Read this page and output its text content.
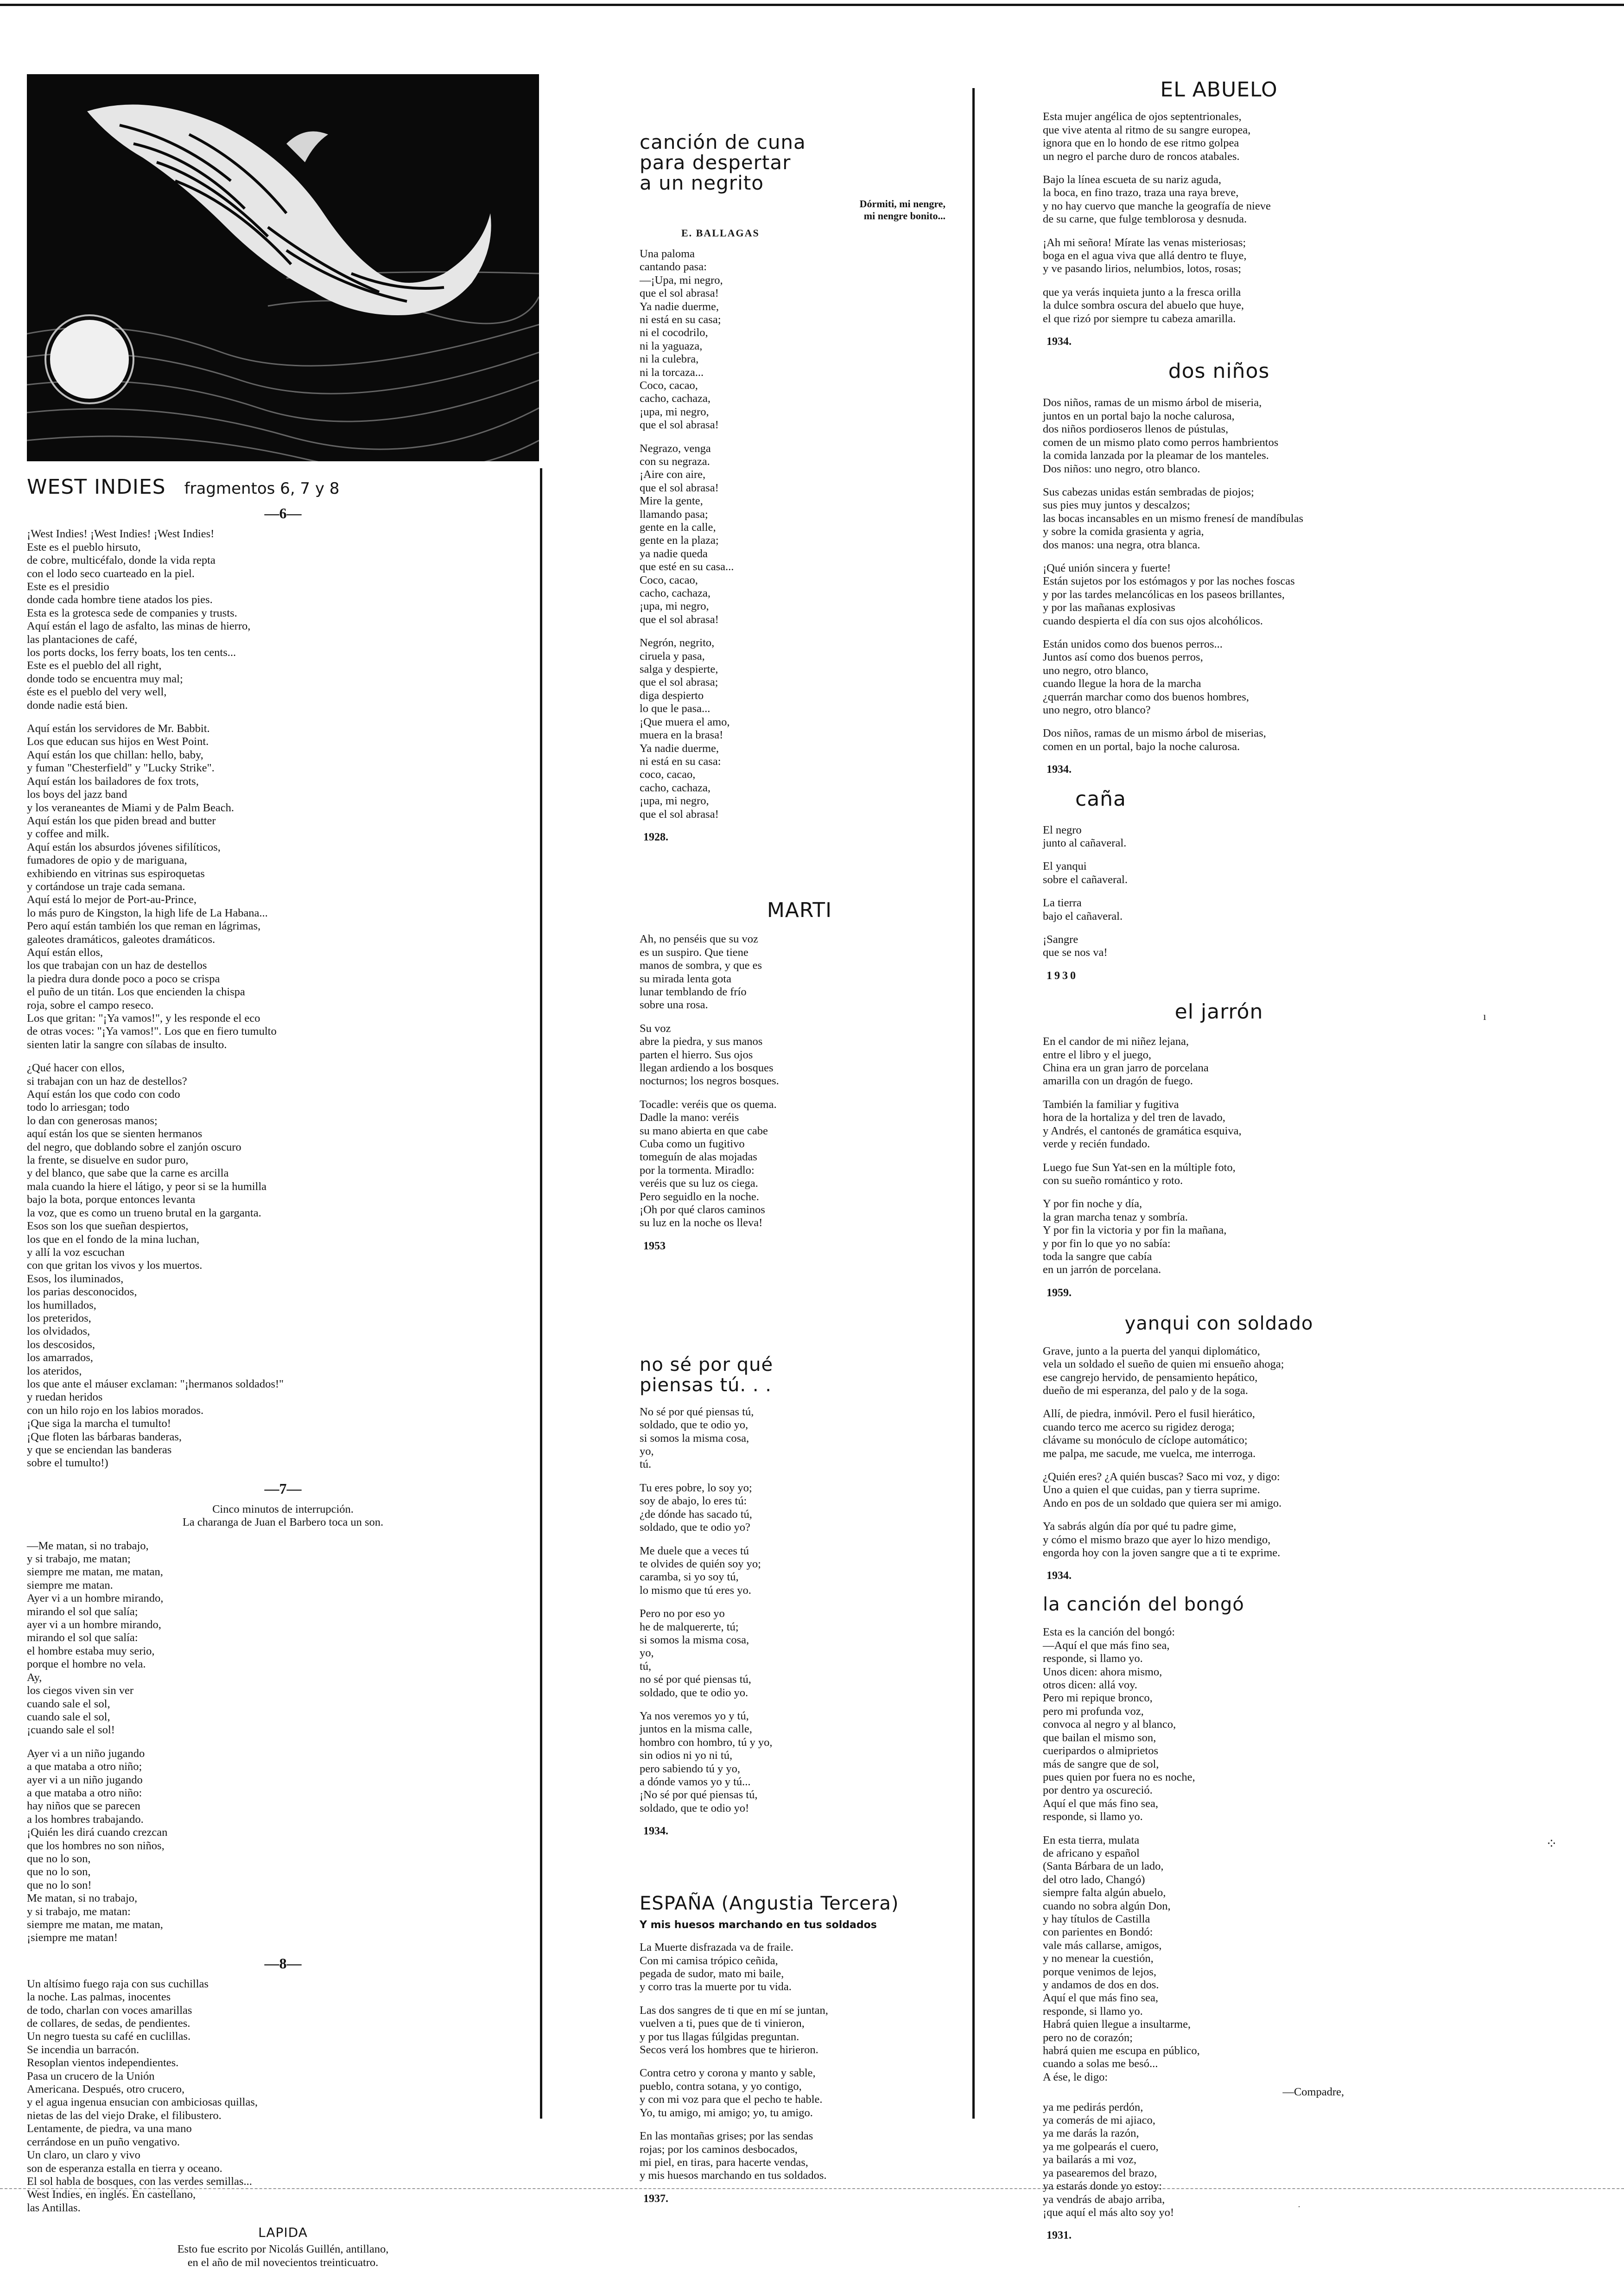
WEST INDIES fragmentos 6, 7 y 8
—6—

¡West Indies! ¡West Indies! ¡West Indies!
Este es el pueblo hirsuto,
de cobre, multicéfalo, donde la vida repta
con el lodo seco cuarteado en la piel.
Este es el presidio
donde cada hombre tiene atados los pies.
Esta es la grotesca sede de companies y trusts.
Aquí están el lago de asfalto, las minas de hierro,
las plantaciones de café,
los ports docks, los ferry boats, los ten cents...
Este es el pueblo del all right,
donde todo se encuentra muy mal;
éste es el pueblo del very well,
donde nadie está bien.

Aquí están los servidores de Mr. Babbit.
Los que educan sus hijos en West Point.
Aquí están los que chillan: hello, baby,
y fuman "Chesterfield" y "Lucky Strike".
Aquí están los bailadores de fox trots,
los boys del jazz band
y los veraneantes de Miami y de Palm Beach.
Aquí están los que piden bread and butter
y coffee and milk.
Aquí están los absurdos jóvenes sifilíticos,
fumadores de opio y de mariguana,
exhibiendo en vitrinas sus espiroquetas
y cortándose un traje cada semana.
Aquí está lo mejor de Port-au-Prince,
lo más puro de Kingston, la high life de La Habana...
Pero aquí están también los que reman en lágrimas,
galeotes dramáticos, galeotes dramáticos.
Aquí están ellos,
los que trabajan con un haz de destellos
la piedra dura donde poco a poco se crispa
el puño de un titán. Los que encienden la chispa
roja, sobre el campo reseco.
Los que gritan: "¡Ya vamos!", y les responde el eco
de otras voces: "¡Ya vamos!". Los que en fiero tumulto
sienten latir la sangre con sílabas de insulto.

¿Qué hacer con ellos,
si trabajan con un haz de destellos?
Aquí están los que codo con codo
todo lo arriesgan; todo
lo dan con generosas manos;
aquí están los que se sienten hermanos
del negro, que doblando sobre el zanjón oscuro
la frente, se disuelve en sudor puro,
y del blanco, que sabe que la carne es arcilla
mala cuando la hiere el látigo, y peor si se la humilla
bajo la bota, porque entonces levanta
la voz, que es como un trueno brutal en la garganta.
Esos son los que sueñan despiertos,
los que en el fondo de la mina luchan,
y allí la voz escuchan
con que gritan los vivos y los muertos.
Esos, los iluminados,
los parias desconocidos,
los humillados,
los preteridos,
los olvidados,
los descosidos,
los amarrados,
los ateridos,
los que ante el máuser exclaman: "¡hermanos soldados!"
y ruedan heridos
con un hilo rojo en los labios morados.
¡Que siga la marcha el tumulto!
¡Que floten las bárbaras banderas,
y que se enciendan las banderas
sobre el tumulto!)

—7—

Cinco minutos de interrupción.
La charanga de Juan el Barbero toca un son.

—Me matan, si no trabajo,
y si trabajo, me matan;
siempre me matan, me matan,
siempre me matan.
Ayer vi a un hombre mirando,
mirando el sol que salía;
ayer vi a un hombre mirando,
mirando el sol que salía:
el hombre estaba muy serio,
porque el hombre no vela.
Ay,
los ciegos viven sin ver
cuando sale el sol,
cuando sale el sol,
¡cuando sale el sol!

Ayer vi a un niño jugando
a que mataba a otro niño;
ayer vi a un niño jugando
a que mataba a otro niño:
hay niños que se parecen
a los hombres trabajando.
¡Quién les dirá cuando crezcan
que los hombres no son niños,
que no lo son,
que no lo son,
que no lo son!
Me matan, si no trabajo,
y si trabajo, me matan:
siempre me matan, me matan,
¡siempre me matan!

—8—

Un altísimo fuego raja con sus cuchillas
la noche. Las palmas, inocentes
de todo, charlan con voces amarillas
de collares, de sedas, de pendientes.
Un negro tuesta su café en cuclillas.
Se incendia un barracón.
Resoplan vientos independientes.
Pasa un crucero de la Unión
Americana. Después, otro crucero,
y el agua ingenua ensucian con ambiciosas quillas,
nietas de las del viejo Drake, el filibustero.
Lentamente, de piedra, va una mano
cerrándose en un puño vengativo.
Un claro, un claro y vivo
son de esperanza estalla en tierra y oceano.
El sol habla de bosques, con las verdes semillas...
West Indies, en inglés. En castellano,
las Antillas.

LAPIDA

Esto fue escrito por Nicolás Guillén, antillano,
en el año de mil novecientos treinticuatro.

canción de cuna
para despertar
a un negrito
Dórmiti, mi nengre,
mi nengre bonito...
E. BALLAGAS

Una paloma
cantando pasa:
—¡Upa, mi negro,
que el sol abrasa!
Ya nadie duerme,
ni está en su casa;
ni el cocodrilo,
ni la yaguaza,
ni la culebra,
ni la torcaza...
Coco, cacao,
cacho, cachaza,
¡upa, mi negro,
que el sol abrasa!

Negrazo, venga
con su negraza.
¡Aire con aire,
que el sol abrasa!
Mire la gente,
llamando pasa;
gente en la calle,
gente en la plaza;
ya nadie queda
que esté en su casa...
Coco, cacao,
cacho, cachaza,
¡upa, mi negro,
que el sol abrasa!

Negrón, negrito,
ciruela y pasa,
salga y despierte,
que el sol abrasa;
diga despierto
lo que le pasa...
¡Que muera el amo,
muera en la brasa!
Ya nadie duerme,
ni está en su casa:
coco, cacao,
cacho, cachaza,
¡upa, mi negro,
que el sol abrasa!

1928.
MARTI

Ah, no penséis que su voz
es un suspiro. Que tiene
manos de sombra, y que es
su mirada lenta gota
lunar temblando de frío
sobre una rosa.

Su voz
abre la piedra, y sus manos
parten el hierro. Sus ojos
llegan ardiendo a los bosques
nocturnos; los negros bosques.

Tocadle: veréis que os quema.
Dadle la mano: veréis
su mano abierta en que cabe
Cuba como un fugitivo
tomeguín de alas mojadas
por la tormenta. Miradlo:
veréis que su luz os ciega.
Pero seguidlo en la noche.
¡Oh por qué claros caminos
su luz en la noche os lleva!

1953
no sé por qué
piensas tú. . .

No sé por qué piensas tú,
soldado, que te odio yo,
si somos la misma cosa,
yo,
tú.

Tu eres pobre, lo soy yo;
soy de abajo, lo eres tú:
¿de dónde has sacado tú,
soldado, que te odio yo?

Me duele que a veces tú
te olvides de quién soy yo;
caramba, si yo soy tú,
lo mismo que tú eres yo.

Pero no por eso yo
he de malquererte, tú;
si somos la misma cosa,
yo,
tú,
no sé por qué piensas tú,
soldado, que te odio yo.

Ya nos veremos yo y tú,
juntos en la misma calle,
hombro con hombro, tú y yo,
sin odios ni yo ni tú,
pero sabiendo tú y yo,
a dónde vamos yo y tú...
¡No sé por qué piensas tú,
soldado, que te odio yo!

1934.
ESPAÑA (Angustia Tercera)
Y mis huesos marchando en tus soldados

La Muerte disfrazada va de fraile.
Con mi camisa trópico ceñida,
pegada de sudor, mato mi baile,
y corro tras la muerte por tu vida.

Las dos sangres de ti que en mí se juntan,
vuelven a ti, pues que de ti vinieron,
y por tus llagas fúlgidas preguntan.
Secos verá los hombres que te hirieron.

Contra cetro y corona y manto y sable,
pueblo, contra sotana, y yo contigo,
y con mi voz para que el pecho te hable.
Yo, tu amigo, mi amigo; yo, tu amigo.

En las montañas grises; por las sendas
rojas; por los caminos desbocados,
mi piel, en tiras, para hacerte vendas,
y mis huesos marchando en tus soldados.

1937.
EL ABUELO

Esta mujer angélica de ojos septentrionales,
que vive atenta al ritmo de su sangre europea,
ignora que en lo hondo de ese ritmo golpea
un negro el parche duro de roncos atabales.

Bajo la línea escueta de su nariz aguda,
la boca, en fino trazo, traza una raya breve,
y no hay cuervo que manche la geografía de nieve
de su carne, que fulge temblorosa y desnuda.

¡Ah mi señora! Mírate las venas misteriosas;
boga en el agua viva que allá dentro te fluye,
y ve pasando lirios, nelumbios, lotos, rosas;

que ya verás inquieta junto a la fresca orilla
la dulce sombra oscura del abuelo que huye,
el que rizó por siempre tu cabeza amarilla.

1934.
dos niños

Dos niños, ramas de un mismo árbol de miseria,
juntos en un portal bajo la noche calurosa,
dos niños pordioseros llenos de pústulas,
comen de un mismo plato como perros hambrientos
la comida lanzada por la pleamar de los manteles.
Dos niños: uno negro, otro blanco.

Sus cabezas unidas están sembradas de piojos;
sus pies muy juntos y descalzos;
las bocas incansables en un mismo frenesí de mandíbulas
y sobre la comida grasienta y agria,
dos manos: una negra, otra blanca.

¡Qué unión sincera y fuerte!
Están sujetos por los estómagos y por las noches foscas
y por las tardes melancólicas en los paseos brillantes,
y por las mañanas explosivas
cuando despierta el día con sus ojos alcohólicos.

Están unidos como dos buenos perros...
Juntos así como dos buenos perros,
uno negro, otro blanco,
cuando llegue la hora de la marcha
¿querrán marchar como dos buenos hombres,
uno negro, otro blanco?

Dos niños, ramas de un mismo árbol de miserias,
comen en un portal, bajo la noche calurosa.

1934.
caña

El negro
junto al cañaveral.

El yanqui
sobre el cañaveral.

La tierra
bajo el cañaveral.

¡Sangre
que se nos va!

1930
el jarrón

En el candor de mi niñez lejana,
entre el libro y el juego,
China era un gran jarro de porcelana
amarilla con un dragón de fuego.

También la familiar y fugitiva
hora de la hortaliza y del tren de lavado,
y Andrés, el cantonés de gramática esquiva,
verde y recién fundado.

Luego fue Sun Yat-sen en la múltiple foto,
con su sueño romántico y roto.

Y por fin noche y día,
la gran marcha tenaz y sombría.
Y por fin la victoria y por fin la mañana,
y por fin lo que yo no sabía:
toda la sangre que cabía
en un jarrón de porcelana.

1959.
yanqui con soldado

Grave, junto a la puerta del yanqui diplomático,
vela un soldado el sueño de quien mi ensueño ahoga;
ese cangrejo hervido, de pensamiento hepático,
dueño de mi esperanza, del palo y de la soga.

Allí, de piedra, inmóvil. Pero el fusil hierático,
cuando terco me acerco su rigidez deroga;
clávame su monóculo de cíclope automático;
me palpa, me sacude, me vuelca, me interroga.

¿Quién eres? ¿A quién buscas? Saco mi voz, y digo:
Uno a quien el que cuidas, pan y tierra suprime.
Ando en pos de un soldado que quiera ser mi amigo.

Ya sabrás algún día por qué tu padre gime,
y cómo el mismo brazo que ayer lo hizo mendigo,
engorda hoy con la joven sangre que a ti te exprime.

1934.
la canción del bongó

Esta es la canción del bongó:
—Aquí el que más fino sea,
responde, si llamo yo.
Unos dicen: ahora mismo,
otros dicen: allá voy.
Pero mi repique bronco,
pero mi profunda voz,
convoca al negro y al blanco,
que bailan el mismo son,
cueripardos o almiprietos
más de sangre que de sol,
pues quien por fuera no es noche,
por dentro ya oscureció.
Aquí el que más fino sea,
responde, si llamo yo.

En esta tierra, mulata
de africano y español
(Santa Bárbara de un lado,
del otro lado, Changó)
siempre falta algún abuelo,
cuando no sobra algún Don,
y hay títulos de Castilla
con parientes en Bondó:
vale más callarse, amigos,
y no menear la cuestión,
porque venimos de lejos,
y andamos de dos en dos.
Aquí el que más fino sea,
responde, si llamo yo.
Habrá quien llegue a insultarme,
pero no de corazón;
habrá quien me escupa en público,
cuando a solas me besó...
A ése, le digo:

—Compadre,

ya me pedirás perdón,
ya comerás de mi ajiaco,
ya me darás la razón,
ya me golpearás el cuero,
ya bailarás a mi voz,
ya pasearemos del brazo,
ya estarás donde yo estoy:
ya vendrás de abajo arriba,
¡que aquí el más alto soy yo!

1931.
ı
⁘
·
